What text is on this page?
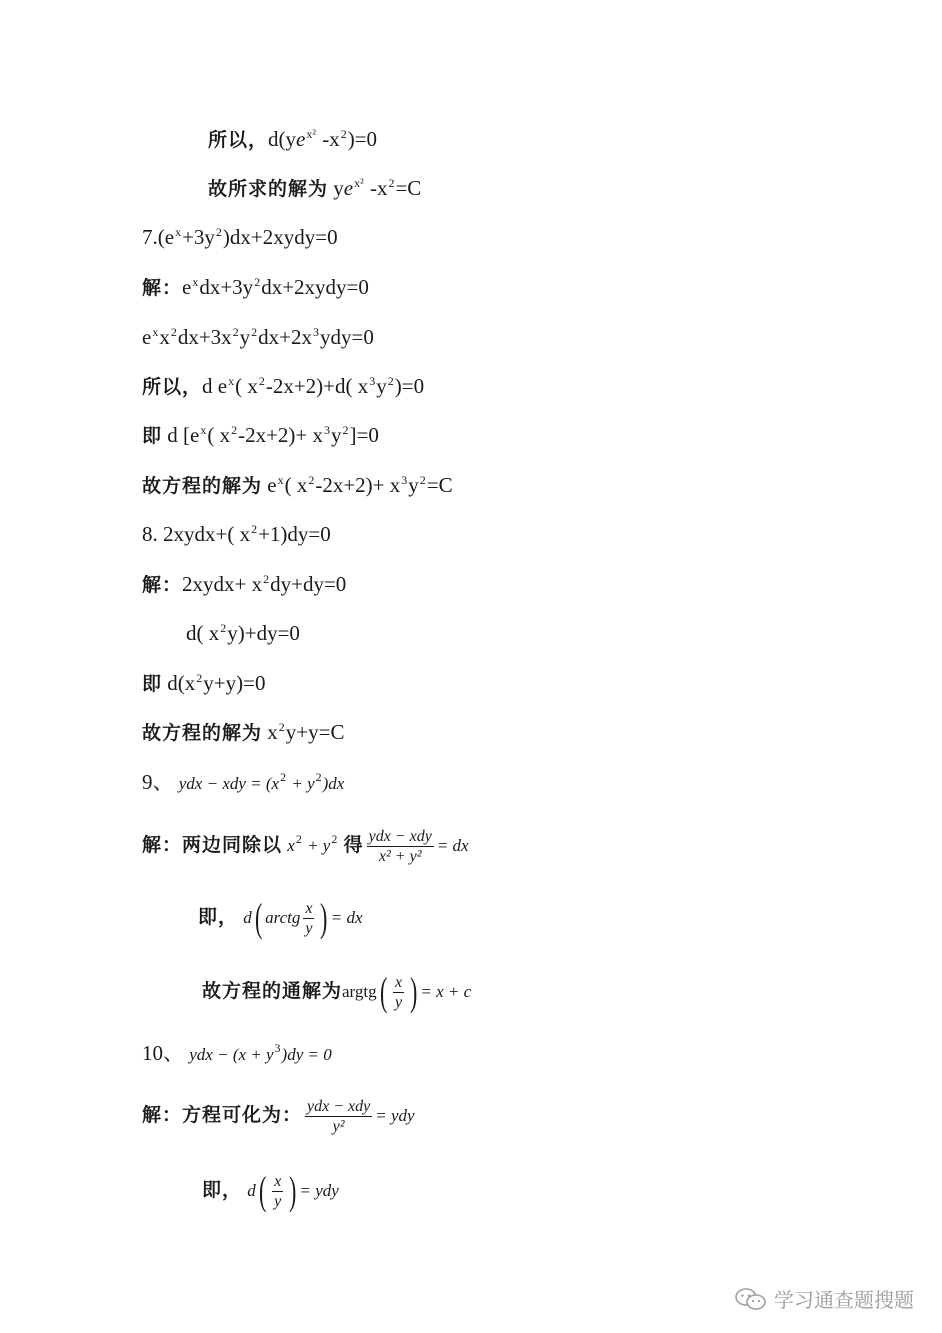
所以，$d(ye^{x^2}$ $-x^2)=0$
故所求的解为 $ye^{x^2}$ $-x^2=C$
$7.(e^x+3y^2)dx+2xydy=0$
解：$e^xdx+3y^2dx+2xydy=0$
$e^xx^2dx+3x^2y^2dx+2x^3ydy=0$
所以，d $e^x$( $x^2-2x+2)+d$( $x^3y^2)=0$
即 d [$e^x$( $x^2-2x+2)+ x^3y^2]=0$
故方程的解为 $e^x$( $x^2-2x+2)+ x^3y^2=C$
8. 2xydx+( $x^2+1)dy=0$
解：2xydx+ $x^2dy+dy=0$
d( $x^2y)+dy=0$
即 $d(x^2y+y)=0$
故方程的解为 $x^2y+y=C$
9、 ydx − xdy = $(x^2 + y^2)dx$
解：两边同除以 $x^2 + y^2$ 得 $\frac{\text{ydx − xdy}}{\text{x² + y²}}$ = dx
即， d( arctg $\frac{x}{y}$ ) = dx
故方程的通解为argtg( $\frac{x}{y}$ ) = x + c
10、 ydx − $(x + y^3)dy = 0$
解：方程可化为： $\frac{\text{ydx − xdy}}{\text{y²}}$ = ydy
即， $d( \frac{x}{y}$ ) = ydy
学习通查题搜题
